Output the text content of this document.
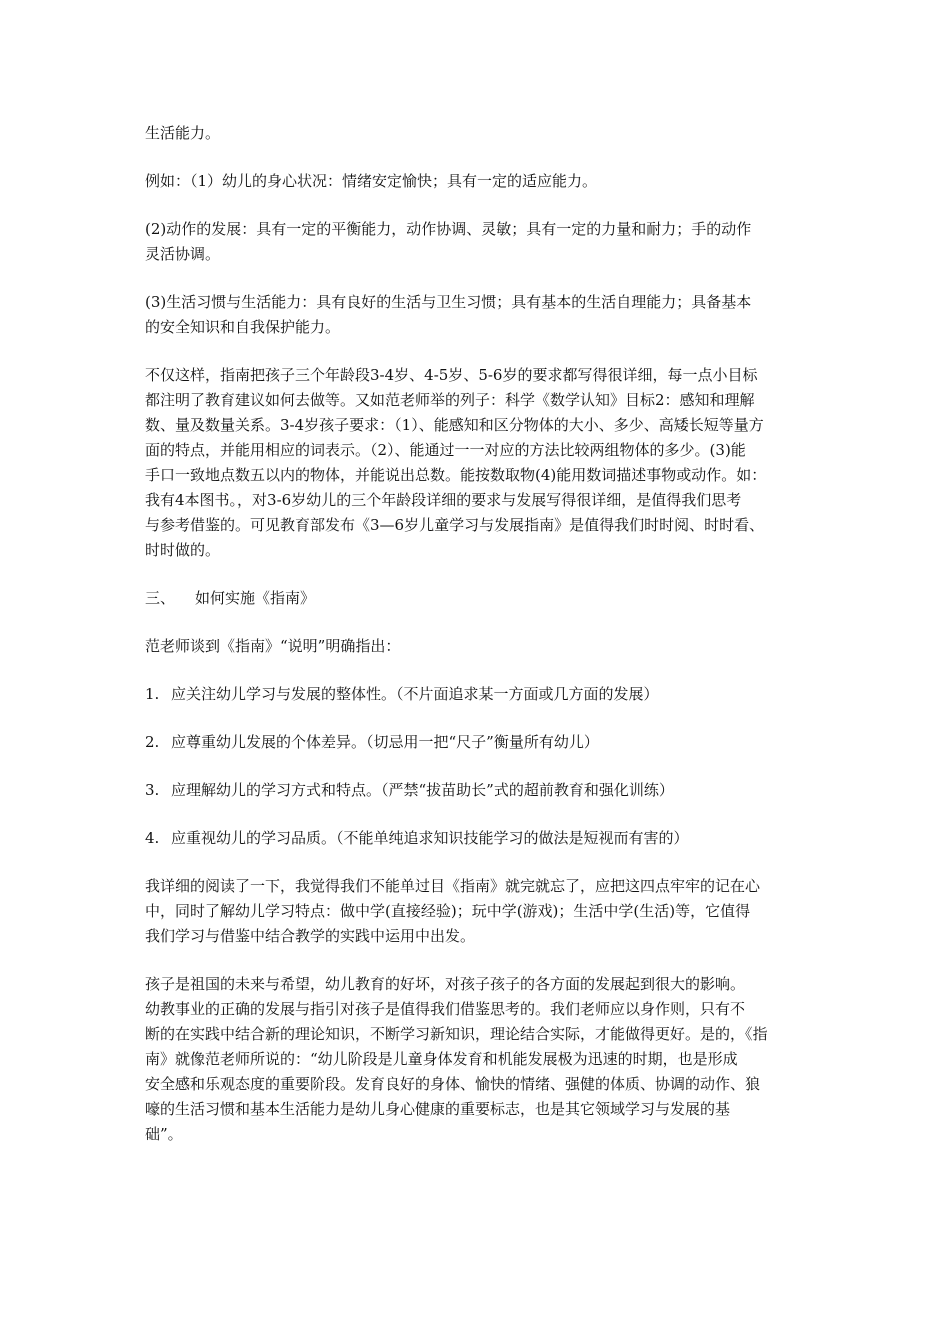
生活能力。

例如：（1）幼儿的身心状况：情绪安定愉快；具有一定的适应能力。

(2)动作的发展：具有一定的平衡能力，动作协调、灵敏；具有一定的力量和耐力；手的动作
灵活协调。

(3)生活习惯与生活能力：具有良好的生活与卫生习惯；具有基本的生活自理能力；具备基本
的安全知识和自我保护能力。

不仅这样，指南把孩子三个年龄段3-4岁、4-5岁、5-6岁的要求都写得很详细，每一点小目标
都注明了教育建议如何去做等。又如范老师举的列子：科学《数学认知》目标2：感知和理解
数、量及数量关系。3-4岁孩子要求：（1）、能感知和区分物体的大小、多少、高矮长短等量方
面的特点，并能用相应的词表示。（2）、能通过一一对应的方法比较两组物体的多少。(3)能
手口一致地点数五以内的物体，并能说出总数。能按数取物(4)能用数词描述事物或动作。如：
我有4本图书。，对3-6岁幼儿的三个年龄段详细的要求与发展写得很详细，是值得我们思考
与参考借鉴的。可见教育部发布《3—6岁儿童学习与发展指南》是值得我们时时阅、时时看、
时时做的。

三、	如何实施《指南》

范老师谈到《指南》“说明”明确指出：

1. 应关注幼儿学习与发展的整体性。（不片面追求某一方面或几方面的发展）
2. 应尊重幼儿发展的个体差异。（切忌用一把“尺子”衡量所有幼儿）
3. 应理解幼儿的学习方式和特点。（严禁“拔苗助长”式的超前教育和强化训练）
4. 应重视幼儿的学习品质。（不能单纯追求知识技能学习的做法是短视而有害的）

我详细的阅读了一下，我觉得我们不能单过目《指南》就完就忘了，应把这四点牢牢的记在心
中，同时了解幼儿学习特点：做中学(直接经验)；玩中学(游戏)；生活中学(生活)等，它值得
我们学习与借鉴中结合教学的实践中运用中出发。

孩子是祖国的未来与希望，幼儿教育的好坏，对孩子孩子的各方面的发展起到很大的影响。
幼教事业的正确的发展与指引对孩子是值得我们借鉴思考的。我们老师应以身作则，只有不
断的在实践中结合新的理论知识，不断学习新知识，理论结合实际，才能做得更好。是的，《指
南》就像范老师所说的：“幼儿阶段是儿童身体发育和机能发展极为迅速的时期，也是形成
安全感和乐观态度的重要阶段。发育良好的身体、愉快的情绪、强健的体质、协调的动作、狼
嚎的生活习惯和基本生活能力是幼儿身心健康的重要标志，也是其它领域学习与发展的基
础”。
